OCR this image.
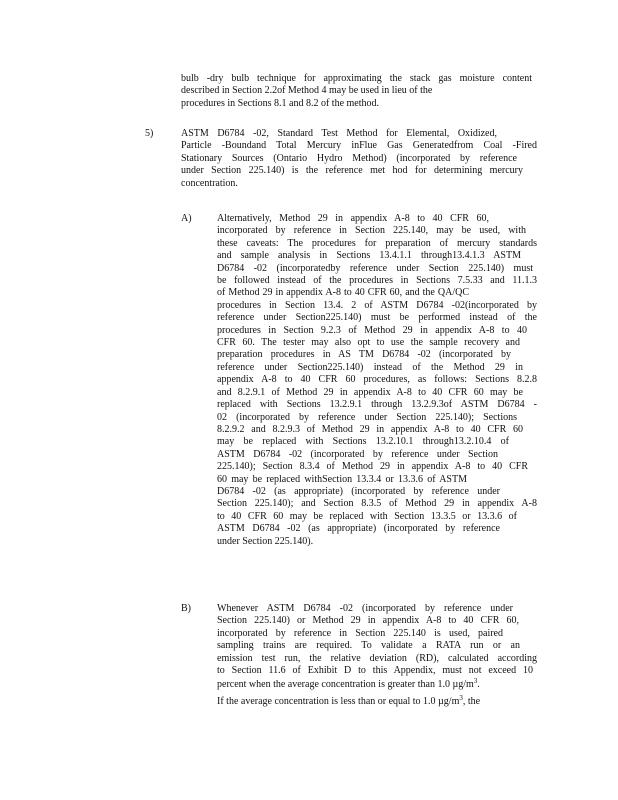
bulb -dry bulb technique for approximating the stack gas moisture content
described in Section 2.2of Method 4 may be used in lieu of the
procedures in Sections 8.1 and 8.2 of the method.
5)	ASTM D6784 -02, Standard Test Method for Elemental, Oxidized,
Particle -Boundand Total Mercury inFlue Gas Generatedfrom Coal -Fired
Stationary Sources (Ontario Hydro Method) (incorporated by reference
under Section 225.140) is the reference met hod for determining mercury
concentration.
A)	Alternatively, Method 29 in appendix A-8 to 40 CFR 60,
incorporated by reference in Section 225.140, may be used, with
these caveats: The procedures for preparation of mercury standards
and sample analysis in Sections 13.4.1.1 through13.4.1.3 ASTM
D6784 -02 (incorporatedby reference under Section 225.140) must
be followed instead of the procedures in Sections 7.5.33 and 11.1.3
of Method 29 in appendix A-8 to 40 CFR 60, and the QA/QC
procedures in Section 13.4. 2 of ASTM D6784 -02(incorporated by
reference under Section225.140) must be performed instead of the
procedures in Section 9.2.3 of Method 29 in appendix A-8 to 40
CFR 60. The tester may also opt to use the sample recovery and
preparation procedures in AS TM D6784 -02 (incorporated by
reference under Section225.140) instead of the Method 29 in
appendix A-8 to 40 CFR 60 procedures, as follows: Sections 8.2.8
and 8.2.9.1 of Method 29 in appendix A-8 to 40 CFR 60 may be
replaced with Sections 13.2.9.1 through 13.2.9.3of ASTM D6784 -
02 (incorporated by reference under Section 225.140); Sections
8.2.9.2 and 8.2.9.3 of Method 29 in appendix A-8 to 40 CFR 60
may be replaced with Sections 13.2.10.1 through13.2.10.4 of
ASTM D6784 -02 (incorporated by reference under Section
225.140); Section 8.3.4 of Method 29 in appendix A-8 to 40 CFR
60 may be replaced withSection 13.3.4 or 13.3.6 of ASTM
D6784 -02 (as appropriate) (incorporated by reference under
Section 225.140); and Section 8.3.5 of Method 29 in appendix A-8
to 40 CFR 60 may be replaced with Section 13.3.5 or 13.3.6 of
ASTM D6784 -02 (as appropriate) (incorporated by reference
under Section 225.140).
B)	Whenever ASTM D6784 -02 (incorporated by reference under
Section 225.140) or Method 29 in appendix A-8 to 40 CFR 60,
incorporated by reference in Section 225.140 is used, paired
sampling trains are required. To validate a RATA run or an
emission test run, the relative deviation (RD), calculated according
to Section 11.6 of Exhibit D to this Appendix, must not exceed 10
percent when the average concentration is greater than 1.0 $\mu g/m^3$.
If the average concentration is less than or equal to 1.0 $\mu g/m^3$, the
